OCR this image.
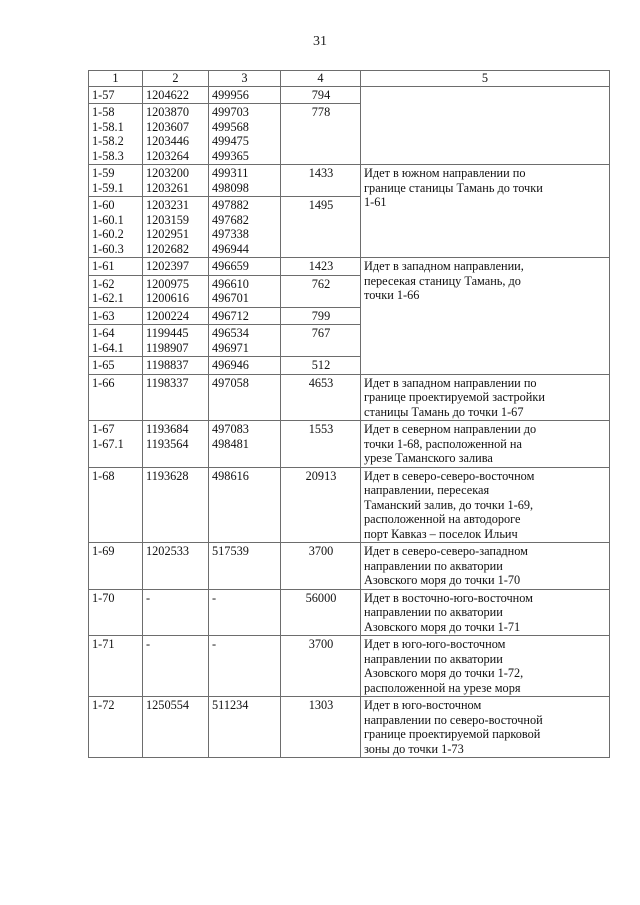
31
1	2	3	4	5

1-57	1204622	499956	794	

1-58
1-58.1
1-58.2
1-58.3	1203870
1203607
1203446
1203264	499703
499568
499475
499365	778	

1-59
1-59.1	1203200
1203261	499311
498098	1433	Идет в южном направлении по
границе станицы Тамань до точки
1-61

1-60
1-60.1
1-60.2
1-60.3	1203231
1203159
1202951
1202682	497882
497682
497338
496944	1495	

1-61	1202397	496659	1423	Идет в западном направлении,
пересекая станицу Тамань, до
точки 1-66

1-62
1-62.1	1200975
1200616	496610
496701	762	

1-63	1200224	496712	799	

1-64
1-64.1	1199445
1198907	496534
496971	767	

1-65	1198837	496946	512	

1-66	1198337	497058	4653	Идет в западном направлении по
границе проектируемой застройки
станицы Тамань до точки 1-67

1-67
1-67.1	1193684
1193564	497083
498481	1553	Идет в северном направлении до
точки 1-68, расположенной на
урезе Таманского залива

1-68	1193628	498616	20913	Идет в северо-северо-восточном
направлении, пересекая
Таманский залив, до точки 1-69,
расположенной на автодороге
порт Кавказ – поселок Ильич

1-69	1202533	517539	3700	Идет в северо-северо-западном
направлении по акватории
Азовского моря до точки 1-70

1-70	-	-	56000	Идет в восточно-юго-восточном
направлении по акватории
Азовского моря до точки 1-71

1-71	-	-	3700	Идет в юго-юго-восточном
направлении по акватории
Азовского моря до точки 1-72,
расположенной на урезе моря

1-72	1250554	511234	1303	Идет в юго-восточном
направлении по северо-восточной
границе проектируемой парковой
зоны до точки 1-73
